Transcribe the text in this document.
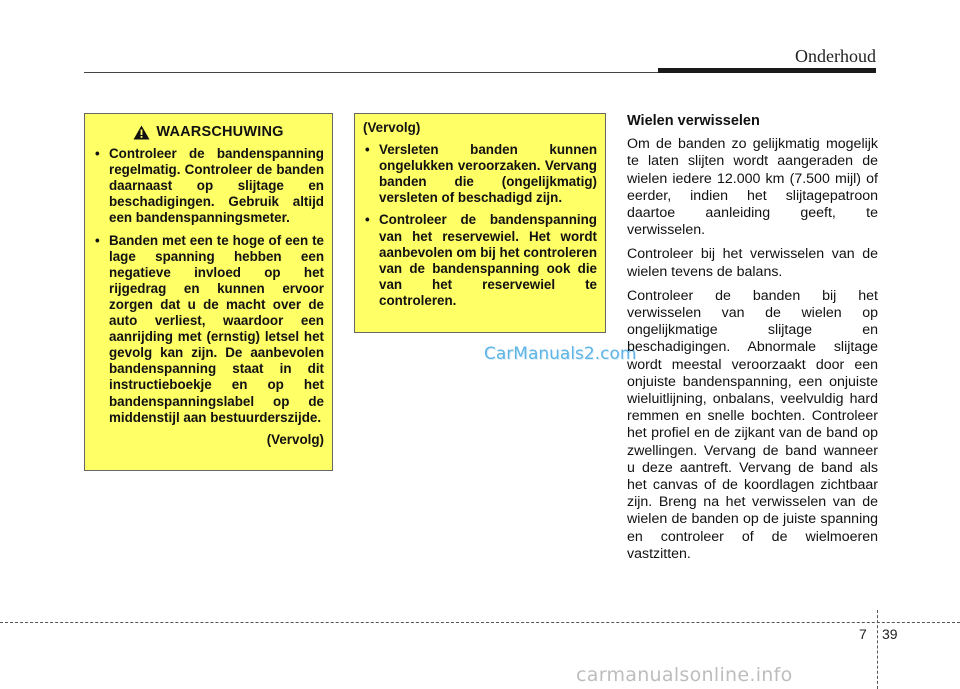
Onderhoud
WAARSCHUWING
• Controleer de bandenspanning regelmatig. Controleer de banden daarnaast op slijtage en beschadigingen. Gebruik altijd een bandenspanningsmeter.
• Banden met een te hoge of een te lage spanning hebben een negatieve invloed op het rijgedrag en kunnen ervoor zorgen dat u de macht over de auto verliest, waardoor een aanrijding met (ernstig) letsel het gevolg kan zijn. De aanbevolen bandenspanning staat in dit instructieboekje en op het bandenspanningslabel op de middenstijl aan bestuurderszijde.
(Vervolg)
(Vervolg)
• Versleten banden kunnen ongelukken veroorzaken. Vervang banden die (ongelijkmatig) versleten of beschadigd zijn.
• Controleer de bandenspanning van het reservewiel. Het wordt aanbevolen om bij het controleren van de bandenspanning ook die van het reservewiel te controleren.
CarManuals2.com
Wielen verwisselen

Om de banden zo gelijkmatig mogelijk te laten slijten wordt aangeraden de wielen iedere 12.000 km (7.500 mijl) of eerder, indien het slijtagepatroon daartoe aanleiding geeft, te verwisselen.

Controleer bij het verwisselen van de wielen tevens de balans.

Controleer de banden bij het verwisselen van de wielen op ongelijkmatige slijtage en beschadigingen. Abnormale slijtage wordt meestal veroorzaakt door een onjuiste bandenspanning, een onjuiste wieluitlijning, onbalans, veelvuldig hard remmen en snelle bochten. Controleer het profiel en de zijkant van de band op zwellingen. Vervang de band wanneer u deze aantreft. Vervang de band als het canvas of de koordlagen zichtbaar zijn. Breng na het verwisselen van de wielen de banden op de juiste spanning en controleer of de wielmoeren vastzitten.

7 39
carmanualsonline.info
